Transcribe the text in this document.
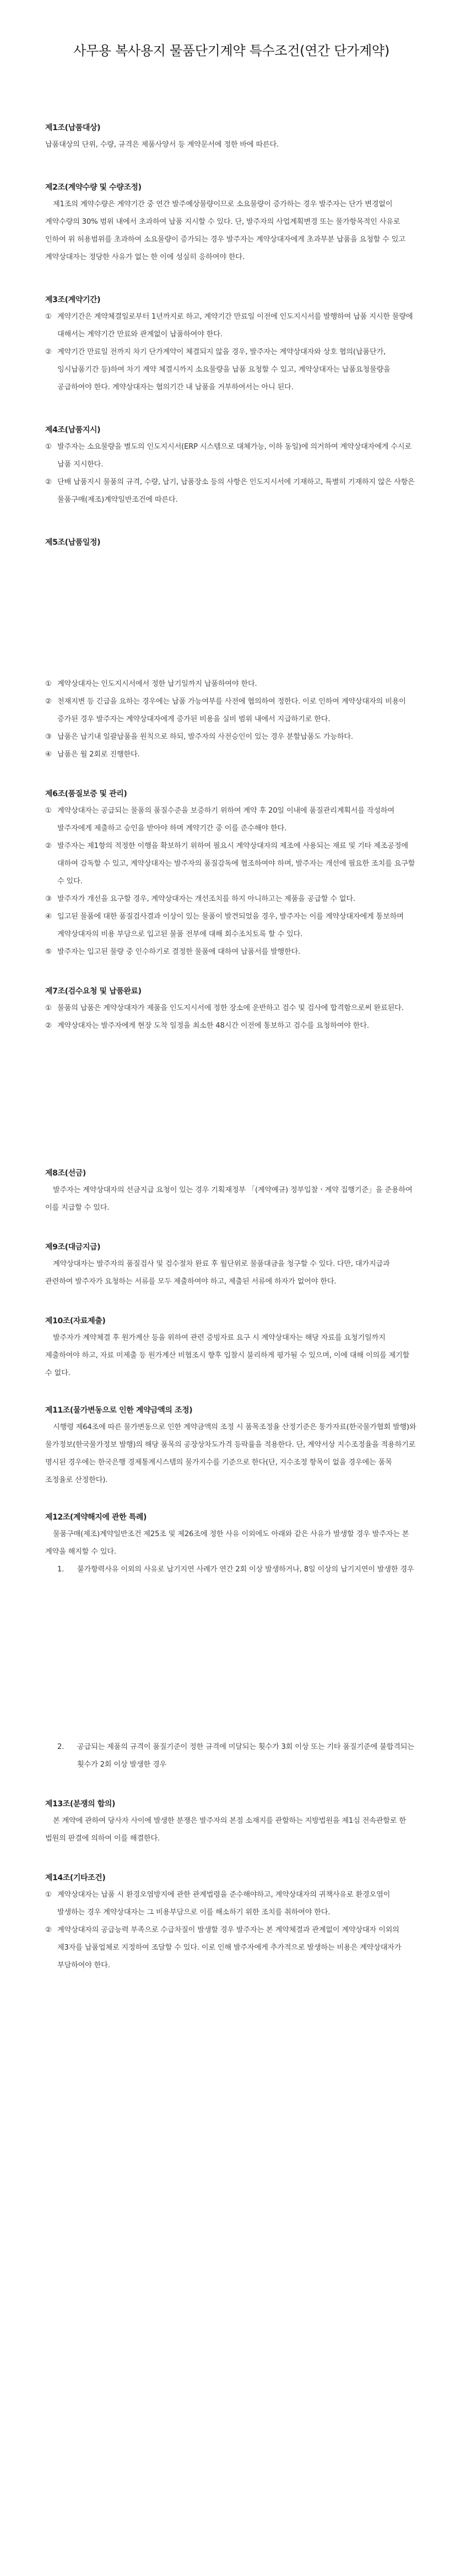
사무용 복사용지 물품단기계약 특수조건(연간 단가계약)
제1조(납품대상)

납품대상의 단위, 수량, 규격은 제품사양서 등 계약문서에 정한 바에 따른다.

제2조(계약수량 및 수량조정)

제1조의 계약수량은 계약기간 중 연간 발주예상물량이므로 소요물량이 증가하는 경우 발주자는 단가 변경없이 계약수량의 30% 범위 내에서 초과하여 납품 지시할 수 있다. 단, 발주자의 사업계획변경 또는 물가항목적인 사유로 인하여 위 허용범위를 초과하여 소요물량이 증가되는 경우 발주자는 계약상대자에게 초과부분 납품을 요청할 수 있고 계약상대자는 정당한 사유가 없는 한 이에 성실히 응하여야 한다.

제3조(계약기간)
① 계약기간은 계약체결일로부터 1년까지로 하고, 계약기간 만료일 이전에 인도지시서를 발행하여 납품 지시한 물량에 대해서는 계약기간 만료와 관계없이 납품하여야 한다.
② 계약기간 만료일 전까지 차기 단가계약이 체결되지 않을 경우, 발주자는 계약상대자와 상호 협의(납품단가, 잉시납품기간 등)하여 차기 계약 체결시까지 소요물량을 납품 요청할 수 있고, 계약상대자는 납품요청물량을 공급하여야 한다. 계약상대자는 협의기간 내 납품을 거부하여서는 아니 된다.
제4조(납품지시)
① 발주자는 소요물량을 별도의 인도지시서(ERP 시스템으로 대체가능, 이하 동일)에 의거하여 계약상대자에게 수시로 납품 지시한다.
② 단배 납품지시 물품의 규격, 수량, 납기, 납품장소 등의 사항은 인도지시서에 기재하고, 특별히 기재하지 않은 사항은 물품구매(제조)계약일반조건에 따른다.
제5조(납품일정)
① 계약상대자는 인도지시서에서 정한 납기일까지 납품하여야 한다.
② 천재지변 등 긴급을 요하는 경우에는 납품 가능여부를 사전에 협의하여 정한다. 이로 인하여 계약상대자의 비용이 증가된 경우 발주자는 계약상대자에게 증가된 비용을 실비 범위 내에서 지급하기로 한다.
③ 납품은 납기내 일괄납품을 원칙으로 하되, 발주자의 사전승인이 있는 경우 분할납품도 가능하다.
④ 납품은 월 2회로 진행한다.
제6조(품질보증 및 관리)
① 계약상대자는 공급되는 물품의 품질수준을 보증하기 위하여 계약 후 20일 이내에 품질관리계획서를 작성하여 발주자에게 제출하고 승인을 받아야 하며 계약기간 중 이를 준수해야 한다.
② 발주자는 제1항의 적정한 이행을 확보하기 위하여 필요시 계약상대자의 제조에 사용되는 재료 및 기타 제조공정에 대하여 감독할 수 있고, 계약상대자는 발주자의 품질감독에 협조하여야 하며, 발주자는 개선에 필요한 조치를 요구할 수 있다.
③ 발주자가 개선을 요구할 경우, 계약상대자는 개선조치를 하지 아니하고는 제품을 공급할 수 없다.
④ 입고된 물품에 대한 품질검사결과 이상이 있는 물품이 발견되었을 경우, 발주자는 이를 계약상대자에게 통보하며 계약상대자의 비용 부담으로 입고된 물품 전부에 대해 회수조치토록 할 수 있다.
⑤ 발주자는 입고된 물량 중 인수하기로 결정한 물품에 대하여 납품서를 발행한다.
제7조(검수요청 및 납품완료)
① 물품의 납품은 계약상대자가 제품을 인도지시서에 정한 장소에 운반하고 검수 및 검사에 합격함으로써 완료된다.
② 계약상대자는 발주자에게 현장 도착 일정을 최소한 48시간 이전에 통보하고 검수를 요청하여야 한다.
제8조(선금)

발주자는 계약상대자의 선금지급 요청이 있는 경우 기획재정부 「(계약예규) 정부입찰ㆍ계약 집행기준」을 준용하여 이를 지급할 수 있다.

제9조(대금지급)

계약상대자는 발주자의 품질검사 및 검수절차 완료 후 월단위로 물품대금을 청구할 수 있다. 다만, 대가지급과 관련하여 발주자가 요청하는 서류를 모두 제출하여야 하고, 제출된 서류에 하자가 없어야 한다.

제10조(자료제출)

발주자가 계약체결 후 원가계산 등을 위하여 관련 증빙자료 요구 시 계약상대자는 해당 자료를 요청기일까지 제출하여야 하고, 자료 미제출 등 원가계산 비협조시 향후 입찰시 불리하게 평가될 수 있으며, 이에 대해 이의를 제기할 수 없다.

제11조(물가변동으로 인한 계약금액의 조정)

시행령 제64조에 따른 물가변동으로 인한 계약금액의 조정 시 품목조정율 산정기준은 통가자료(한국물가협회 발행)와 물가정보(한국물가정보 발행)의 해당 품목의 공장상차도가격 등락률을 적용한다. 단, 계약서상 지수조정율을 적용하기로 명시된 경우에는 한국은행 경제통계시스템의 물가지수를 기준으로 한다(단, 지수조정 항목이 없을 경우에는 품목 조정율로 산정한다).

제12조(계약해지에 관한 특례)

물품구매(제조)계약일반조건 제25조 및 제26조에 정한 사유 이외에도 아래와 같은 사유가 발생할 경우 발주자는 본 계약을 해지할 수 있다.

1. 불가항력사유 이외의 사유로 납기지연 사례가 연간 2회 이상 발생하거나, 8일 이상의 납기지연이 발생한 경우
2. 공급되는 제품의 규격이 품질기준이 정한 규격에 미달되는 횟수가 3회 이상 또는 기타 품질기준에 불합격되는 횟수가 2회 이상 발생한 경우
제13조(분쟁의 합의)

본 계약에 관하여 당사자 사이에 발생한 분쟁은 발주자의 본점 소재지를 관할하는 지방법원을 제1심 전속관할로 한 법원의 판결에 의하여 이를 해결한다.

제14조(기타조건)
① 계약상대자는 납품 시 환경오염방지에 관한 관계법령을 준수해야하고, 계약상대자의 귀책사유로 환경오염이 발생하는 경우 계약상대자는 그 비용부담으로 이를 해소하기 위한 조치를 취하여야 한다.
② 계약상대자의 공급능력 부족으로 수급차질이 발생할 경우 발주자는 본 계약체결과 관계없이 계약상대자 이외의 제3자를 납품업체로 지정하여 조달할 수 있다. 이로 인해 발주자에게 추가적으로 발생하는 비용은 계약상대자가 부담하여야 한다.
